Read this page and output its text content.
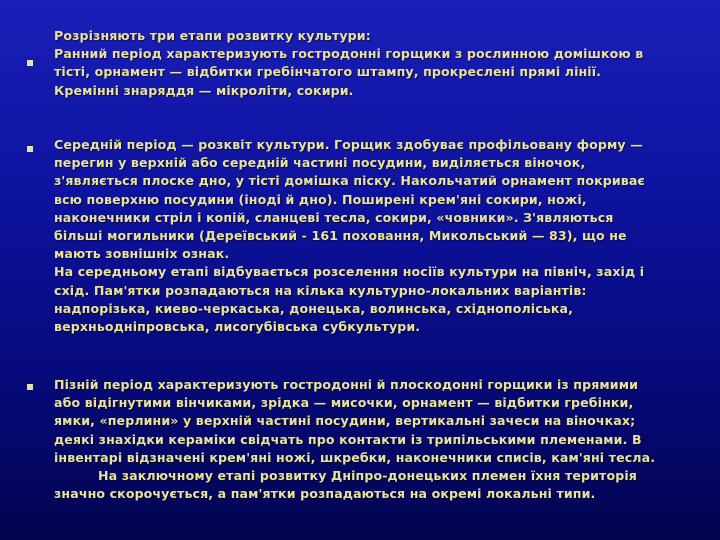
Розрізняють три етапи розвитку культури:
Ранний період характеризують гостродонні горщики з рослинною домішкою в
тісті, орнамент — відбитки гребінчатого штампу, прокреслені прямі лінії.
Кремінні знаряддя — мікроліти, сокири.
Середній період — розквіт культури. Горщик здобуває профільовану форму —
перегин у верхній або середній частині посудини, виділяється віночок,
з'являється плоске дно, у тісті домішка піску. Накольчатий орнамент покриває
всю поверхню посудини (іноді й дно). Поширені крем'яні сокири, ножі,
наконечники стріл і копій, сланцеві тесла, сокири, «човники». З'являються
більші могильники (Дереївський - 161 поховання, Микольський — 83), що не
мають зовнішніх ознак.
На середньому етапі відбувається розселення носіїв культури на північ, захід і
схід. Пам'ятки розпадаються на кілька культурно-локальних варіантів:
надпорізька, киево-черкаська, донецька, волинська, східнополіська,
верхньодніпровська, лисогубівська субкультури.
Пізній період характеризують гостродонні й плоскодонні горщики із прямими
або відігнутими вінчиками, зрідка — мисочки, орнамент — відбитки гребінки,
ямки, «перлини» у верхній частині посудини, вертикальні зачеси на віночках;
деякі знахідки кераміки свідчать про контакти із трипільськими племенами. В
інвентарі відзначені крем'яні ножі, шкребки, наконечники списів, кам'яні тесла.
На заключному етапі розвитку Дніпро-донецьких племен їхня територія
значно скорочується, а пам'ятки розпадаються на окремі локальні типи.
